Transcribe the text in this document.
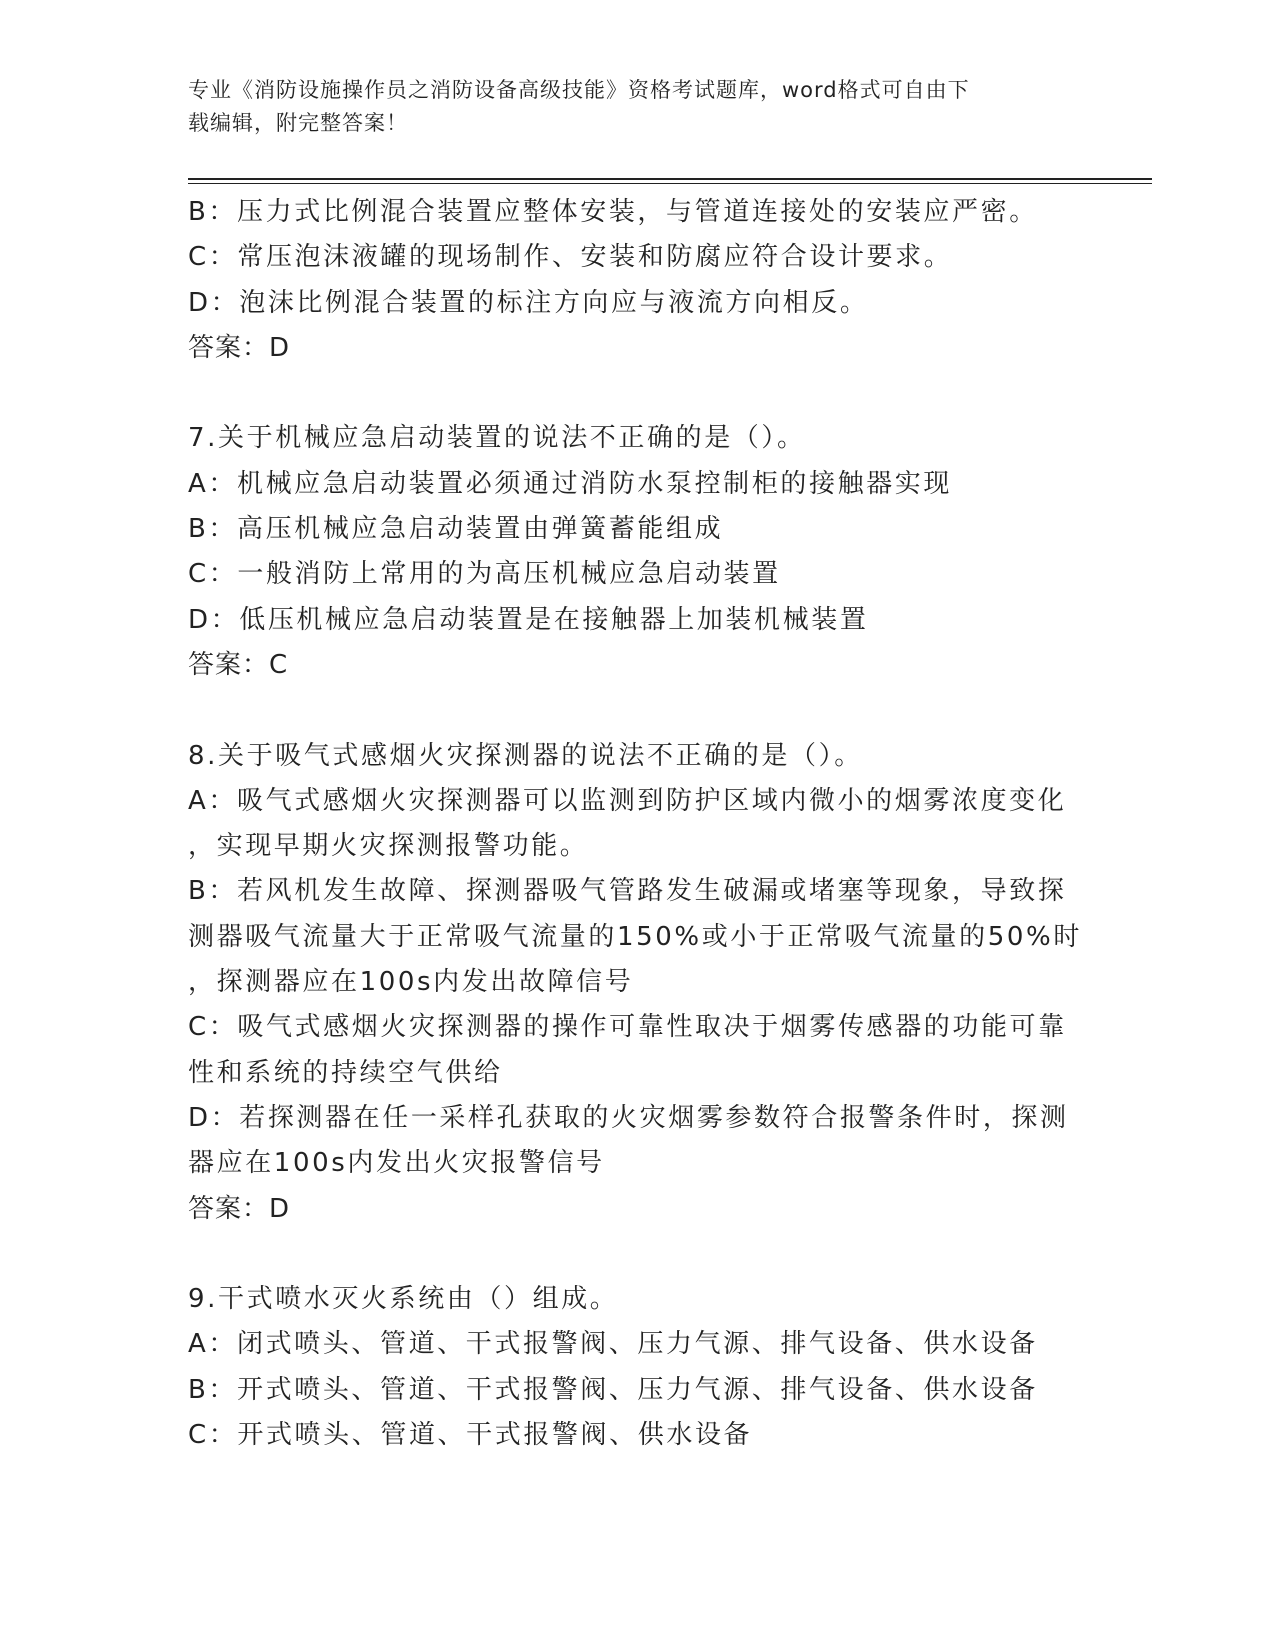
专业《消防设施操作员之消防设备高级技能》资格考试题库，word格式可自由下
载编辑，附完整答案！
B：压力式比例混合装置应整体安装，与管道连接处的安装应严密。
C：常压泡沫液罐的现场制作、安装和防腐应符合设计要求。
D：泡沫比例混合装置的标注方向应与液流方向相反。
答案：D
7.关于机械应急启动装置的说法不正确的是（）。
A：机械应急启动装置必须通过消防水泵控制柜的接触器实现
B：高压机械应急启动装置由弹簧蓄能组成
C：一般消防上常用的为高压机械应急启动装置
D：低压机械应急启动装置是在接触器上加装机械装置
答案：C
8.关于吸气式感烟火灾探测器的说法不正确的是（）。
A：吸气式感烟火灾探测器可以监测到防护区域内微小的烟雾浓度变化
，实现早期火灾探测报警功能。
B：若风机发生故障、探测器吸气管路发生破漏或堵塞等现象，导致探
测器吸气流量大于正常吸气流量的150%或小于正常吸气流量的50%时
，探测器应在100s内发出故障信号
C：吸气式感烟火灾探测器的操作可靠性取决于烟雾传感器的功能可靠
性和系统的持续空气供给
D：若探测器在任一采样孔获取的火灾烟雾参数符合报警条件时，探测
器应在100s内发出火灾报警信号
答案：D
9.干式喷水灭火系统由（）组成。
A：闭式喷头、管道、干式报警阀、压力气源、排气设备、供水设备
B：开式喷头、管道、干式报警阀、压力气源、排气设备、供水设备
C：开式喷头、管道、干式报警阀、供水设备
